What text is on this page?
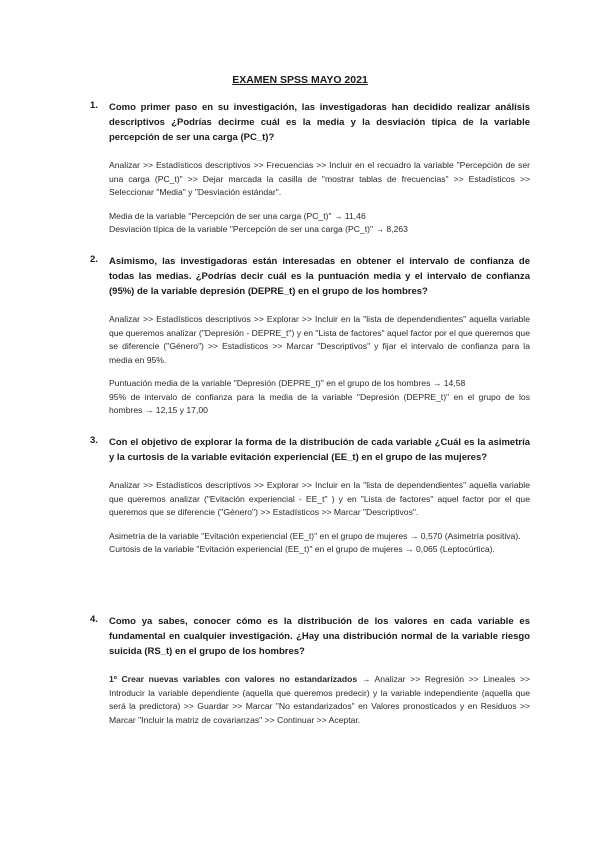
EXAMEN SPSS MAYO 2021
1. Como primer paso en su investigación, las investigadoras han decidido realizar análisis descriptivos ¿Podrías decirme cuál es la media y la desviación típica de la variable percepción de ser una carga (PC_t)?

Analizar >> Estadísticos descriptivos >> Frecuencias >> Incluir en el recuadro la variable "Percepción de ser una carga (PC_t)" >> Dejar marcada la casilla de "mostrar tablas de frecuencias" >> Estadísticos >> Seleccionar "Media" y "Desviación estándar".

Media de la variable "Percepción de ser una carga (PC_t)" → 11,46

Desviación típica de la variable "Percepción de ser una carga (PC_t)" → 8,263

2. Asimismo, las investigadoras están interesadas en obtener el intervalo de confianza de todas las medias. ¿Podrías decir cuál es la puntuación media y el intervalo de confianza (95%) de la variable depresión (DEPRE_t) en el grupo de los hombres?

Analizar >> Estadísticos descriptivos >> Explorar >> Incluir en la "lista de dependendientes" aquella variable que queremos analizar ("Depresión - DEPRE_t") y en "Lista de factores" aquel factor por el que queremos que se diferencie ("Género") >> Estadísticos >> Marcar "Descriptivos" y fijar el intervalo de confianza para la media en 95%.

Puntuación media de la variable "Depresión (DEPRE_t)" en el grupo de los hombres → 14,58

95% de intervalo de confianza para la media de la variable "Depresión (DEPRE_t)" en el grupo de los hombres → 12,15 y 17,00

3. Con el objetivo de explorar la forma de la distribución de cada variable ¿Cuál es la asimetría y la curtosis de la variable evitación experiencial (EE_t) en el grupo de las mujeres?

Analizar >> Estadísticos descriptivos >> Explorar >> Incluir en la "lista de dependendientes" aquella variable que queremos analizar ("Evitación experiencial - EE_t" ) y en "Lista de factores" aquel factor por el que queremos que se diferencie ("Género") >> Estadísticos >> Marcar "Descriptivos".

Asimetría de la variable "Evitación experiencial (EE_t)" en el grupo de mujeres → 0,570 (Asimetría positiva).

Curtosis de la variable "Evitación experiencial (EE_t)" en el grupo de mujeres → 0,065 (Leptocúrtica).

4. Como ya sabes, conocer cómo es la distribución de los valores en cada variable es fundamental en cualquier investigación. ¿Hay una distribución normal de la variable riesgo suicida (RS_t) en el grupo de los hombres?

1º Crear nuevas variables con valores no estandarizados → Analizar >> Regresión >> Lineales >> Introducir la variable dependiente (aquella que queremos predecir) y la variable independiente (aquella que será la predictora) >> Guardar >> Marcar "No estandarizados" en Valores pronosticados y en Residuos >> Marcar "Incluir la matriz de covarianzas" >> Continuar >> Aceptar.
